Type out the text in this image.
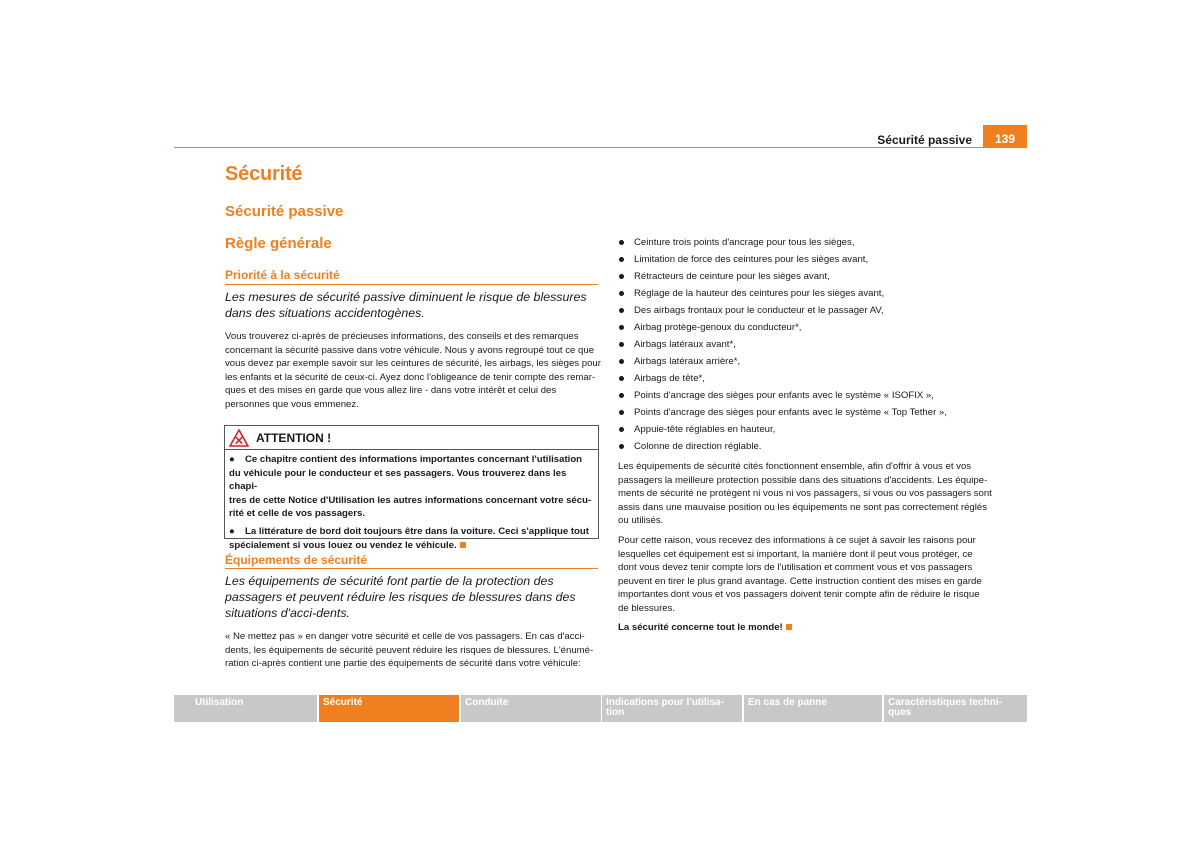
Sécurité passive	139
Sécurité
Sécurité passive
Règle générale
Priorité à la sécurité
Les mesures de sécurité passive diminuent le risque de blessures dans des situations accidentogènes.

Vous trouverez ci-après de précieuses informations, des conseils et des remarques

concernant la sécurité passive dans votre véhicule. Nous y avons regroupé tout ce que

vous devez par exemple savoir sur les ceintures de sécurité, les airbags, les sièges pour

les enfants et la sécurité de ceux-ci. Ayez donc l'obligeance de tenir compte des remar-

ques et des mises en garde que vous allez lire - dans votre intérêt et celui des

personnes que vous emmenez.

ATTENTION !

● Ce chapitre contient des informations importantes concernant l'utilisation
du véhicule pour le conducteur et ses passagers. Vous trouverez dans les chapi-
tres de cette Notice d'Utilisation les autres informations concernant votre sécu-
rité et celle de vos passagers.

● La littérature de bord doit toujours être dans la voiture. Ceci s'applique tout
spécialement si vous louez ou vendez le véhicule.

Équipements de sécurité
Les équipements de sécurité font partie de la protection des passagers et peuvent réduire les risques de blessures dans des situations d'acci-dents.

« Ne mettez pas » en danger votre sécurité et celle de vos passagers. En cas d'acci-

dents, les équipements de sécurité peuvent réduire les risques de blessures. L'énumé-

ration ci-après contient une partie des équipements de sécurité dans votre véhicule:

Ceinture trois points d'ancrage pour tous les sièges,
Limitation de force des ceintures pour les sièges avant,
Rétracteurs de ceinture pour les sièges avant,
Réglage de la hauteur des ceintures pour les sièges avant,
Des airbags frontaux pour le conducteur et le passager AV,
Airbag protège-genoux du conducteur*,
Airbags latéraux avant*,
Airbags latéraux arrière*,
Airbags de tête*,
Points d'ancrage des sièges pour enfants avec le système « ISOFIX »,
Points d'ancrage des sièges pour enfants avec le système « Top Tether »,
Appuie-tête réglables en hauteur,
Colonne de direction réglable.

Les équipements de sécurité cités fonctionnent ensemble, afin d'offrir à vous et vos

passagers la meilleure protection possible dans des situations d'accidents. Les équipe-

ments de sécurité ne protègent ni vous ni vos passagers, si vous ou vos passagers sont

assis dans une mauvaise position ou les équipements ne sont pas correctement réglés

ou utilisés.

Pour cette raison, vous recevez des informations à ce sujet à savoir les raisons pour

lesquelles cet équipement est si important, la manière dont il peut vous protéger, ce

dont vous devez tenir compte lors de l'utilisation et comment vous et vos passagers

peuvent en tirer le plus grand avantage. Cette instruction contient des mises en garde

importantes dont vous et vos passagers doivent tenir compte afin de réduire le risque

de blessures.

La sécurité concerne tout le monde!
Utilisation	Sécurité	Conduite	Indications pour l'utilisa-
tion
En cas de panne	Caractéristiques techni-
ques
